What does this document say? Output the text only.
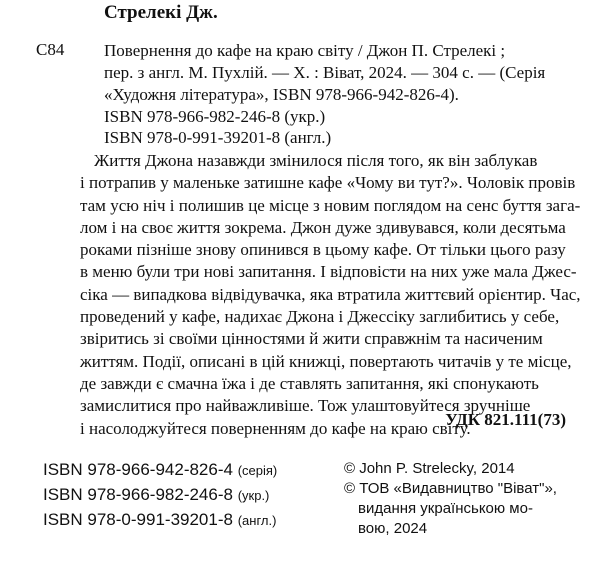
Стрелекі Дж.
С84 Повернення до кафе на краю світу / Джон П. Стрелекі ;
пер. з англ. М. Пухлій. — Х. : Віват, 2024. — 304 с. — (Серія
«Художня література», ISBN 978-966-942-826-4).
ISBN 978-966-982-246-8 (укр.)
ISBN 978-0-991-39201-8 (англ.)
Життя Джона назавжди змінилося після того, як він заблукав
і потрапив у маленьке затишне кафе «Чому ви тут?». Чоловік провів
там усю ніч і полишив це місце з новим поглядом на сенс буття зага-
лом і на своє життя зокрема. Джон дуже здивувався, коли десятьма
роками пізніше знову опинився в цьому кафе. От тільки цього разу
в меню були три нові запитання. І відповісти на них уже мала Джес-
сіка — випадкова відвідувачка, яка втратила життєвий орієнтир. Час,
проведений у кафе, надихає Джона і Джессіку заглибитись у себе,
звіритись зі своїми цінностями й жити справжнім та насиченим
життям. Події, описані в цій книжці, повертають читачів у те місце,
де завжди є смачна їжа і де ставлять запитання, які спонукають
замислитися про найважливіше. Тож улаштовуйтеся зручніше
і насолоджуйтеся поверненням до кафе на краю світу.
УДК 821.111(73)
ISBN 978-966-942-826-4 (серія)
ISBN 978-966-982-246-8 (укр.)
ISBN 978-0-991-39201-8 (англ.)
© John P. Strelecky, 2014
© ТОВ «Видавництво "Віват"»,
видання українською мо-
вою, 2024
